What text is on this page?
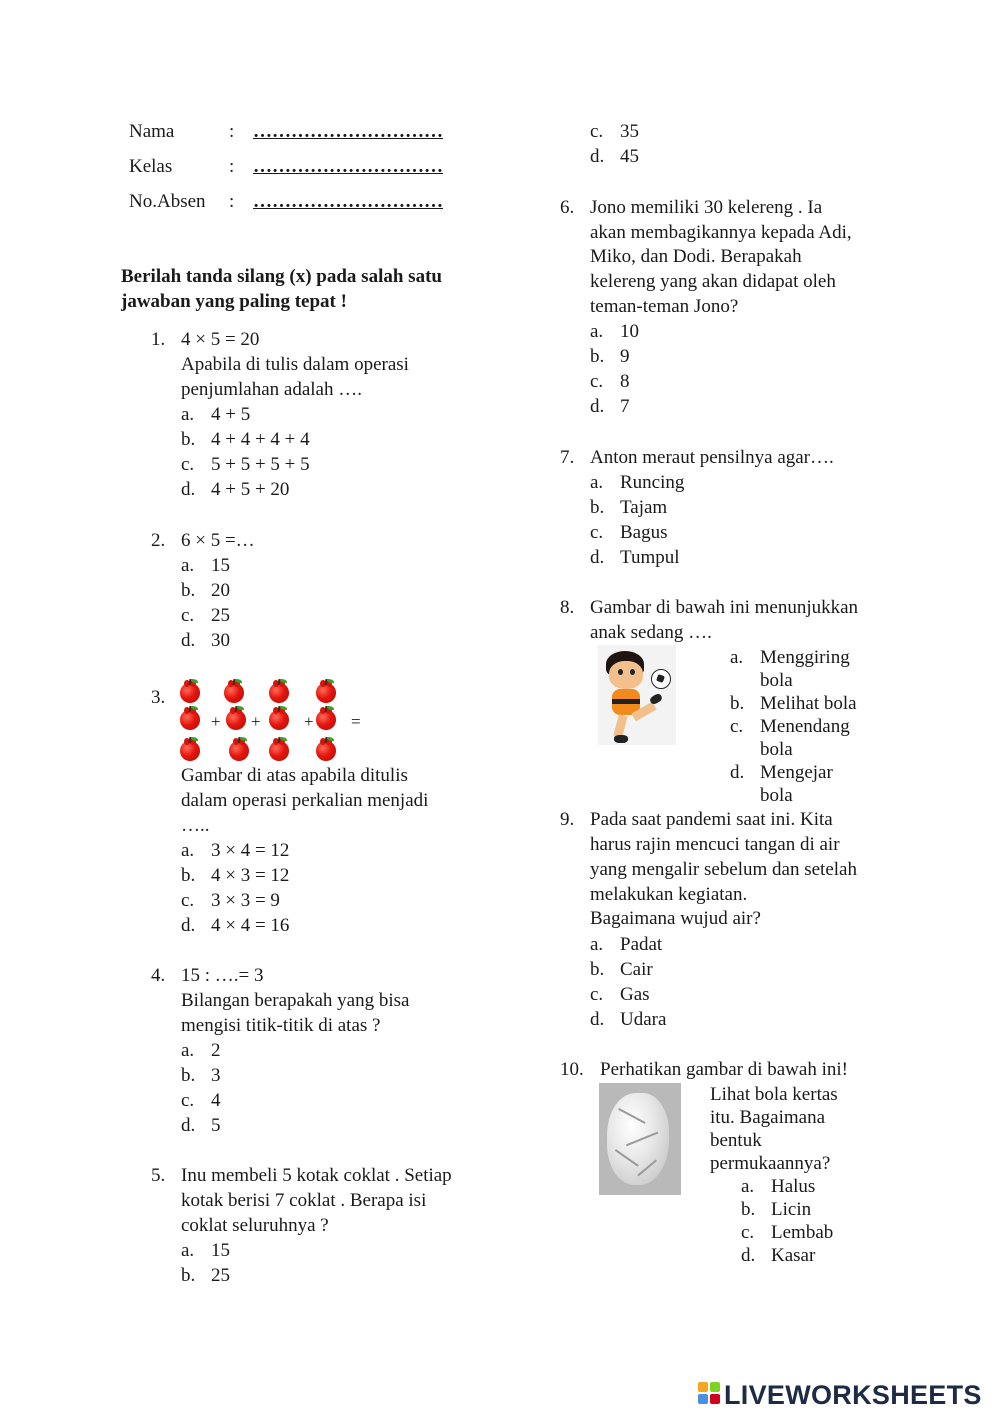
Nama	: …………………………
Kelas	: …………………………
No.Absen : …………………………
Berilah tanda silang (x) pada salah satu
jawaban yang paling tepat !
1. 4 × 5 = 20
Apabila di tulis dalam operasi
penjumlahan adalah ….
a. 4 + 5
b. 4 + 4 + 4 + 4
c. 5 + 5 + 5 + 5
d. 4 + 5 + 20
2. 6 × 5 =…
a. 15
b. 20
c. 25
d. 30
3.
+ +	+ =
Gambar di atas apabila ditulis
dalam operasi perkalian menjadi
…..
a. 3 × 4 = 12
b. 4 × 3 = 12
c. 3 × 3 = 9
d. 4 × 4 = 16
4. 15 : ….= 3
Bilangan berapakah yang bisa
mengisi titik-titik di atas ?
a. 2
b. 3
c. 4
d. 5
5. Inu membeli 5 kotak coklat . Setiap
kotak berisi 7 coklat . Berapa isi
coklat seluruhnya ?
a. 15
b. 25
c. 35
d. 45
6. Jono memiliki 30 kelereng . Ia
akan membagikannya kepada Adi,
Miko, dan Dodi. Berapakah
kelereng yang akan didapat oleh
teman-teman Jono?
a. 10
b. 9
c. 8
d. 7
7. Anton meraut pensilnya agar….
a. Runcing
b. Tajam
c. Bagus
d. Tumpul
8. Gambar di bawah ini menunjukkan
anak sedang ….
a. Menggiring
bola
b. Melihat bola
c. Menendang
bola
d. Mengejar
bola
9. Pada saat pandemi saat ini. Kita
harus rajin mencuci tangan di air
yang mengalir sebelum dan setelah
melakukan kegiatan.
Bagaimana wujud air?
a. Padat
b. Cair
c. Gas
d. Udara
10. Perhatikan gambar di bawah ini!
Lihat bola kertas
itu. Bagaimana
bentuk
permukaannya?
a. Halus
b. Licin
c. Lembab
d. Kasar
LIVEWORKSHEETS
